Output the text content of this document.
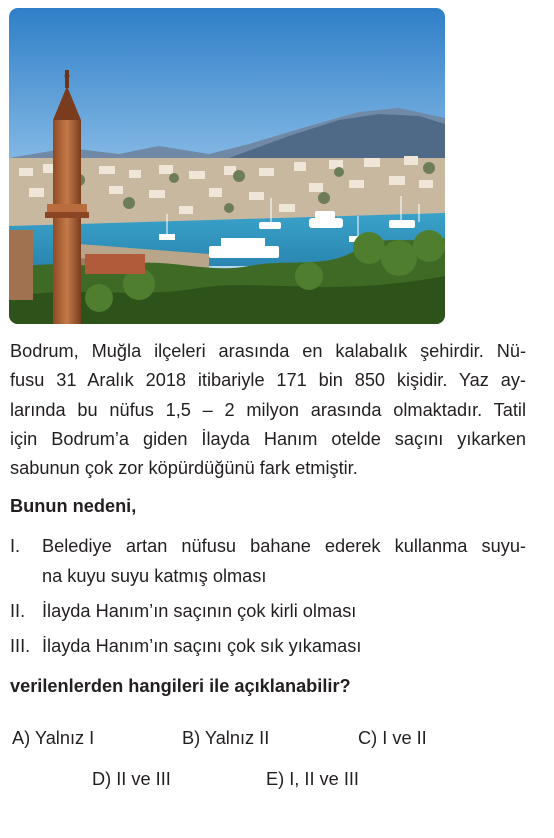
Bodrum, Muğla ilçeleri arasında en kalabalık şehirdir. Nü-
fusu 31 Aralık 2018 itibariyle 171 bin 850 kişidir. Yaz ay-
larında bu nüfus 1,5 – 2 milyon arasında olmaktadır. Tatil
için Bodrum’a giden İlayda Hanım otelde saçını yıkarken
sabunun çok zor köpürdüğünü fark etmiştir.

Bunun nedeni,

I. Belediye artan nüfusu bahane ederek kullanma suyu-
na kuyu suyu katmış olması
II. İlayda Hanım’ın saçının çok kirli olması
III. İlayda Hanım’ın saçını çok sık yıkaması

verilenlerden hangileri ile açıklanabilir?

A) Yalnız I	B) Yalnız II	C) I ve II
D) II ve III	E) I, II ve III
